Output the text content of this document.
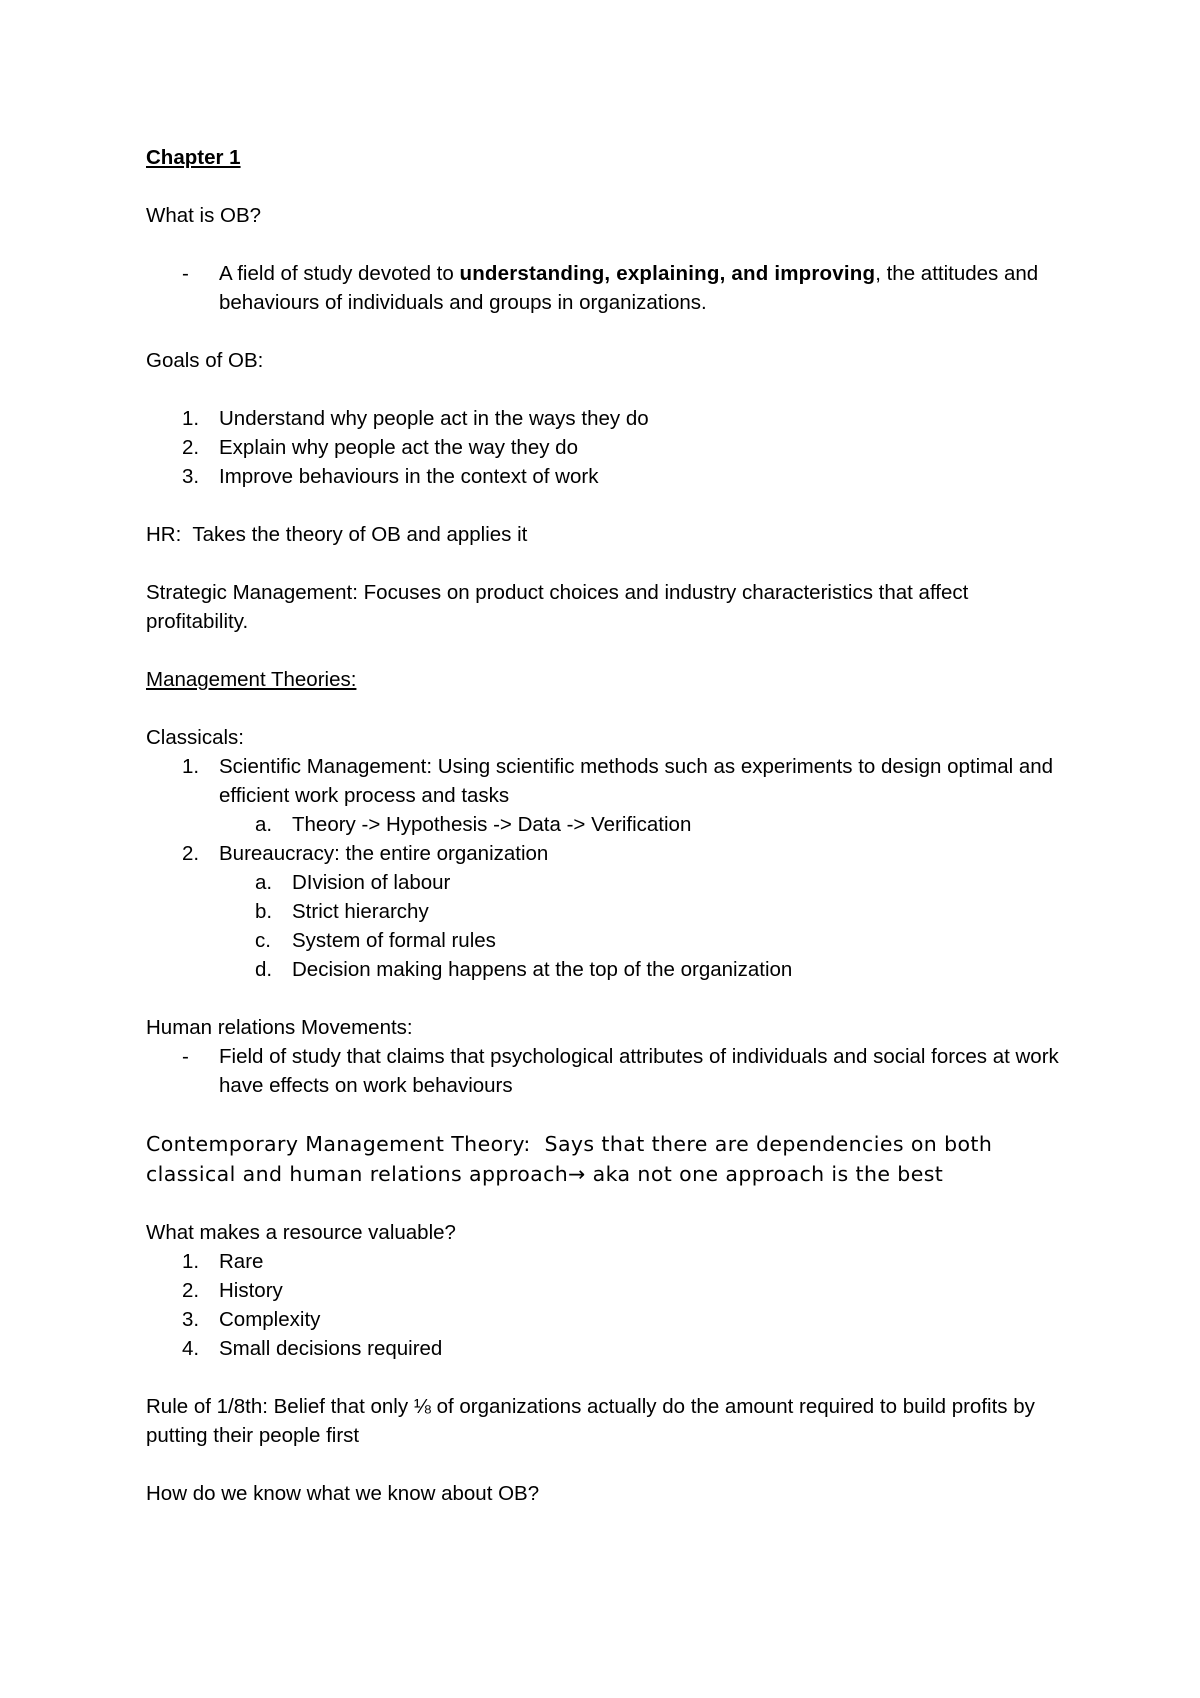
Chapter 1
What is OB?
- A field of study devoted to understanding, explaining, and improving, the attitudes and behaviours of individuals and groups in organizations.
Goals of OB:
1. Understand why people act in the ways they do
2. Explain why people act the way they do
3. Improve behaviours in the context of work
HR:  Takes the theory of OB and applies it
Strategic Management: Focuses on product choices and industry characteristics that affect profitability.
Management Theories:
Classicals:
1. Scientific Management: Using scientific methods such as experiments to design optimal and efficient work process and tasks
a. Theory -> Hypothesis -> Data -> Verification
2. Bureaucracy: the entire organization
a. DIvision of labour
b. Strict hierarchy
c. System of formal rules
d. Decision making happens at the top of the organization
Human relations Movements:
- Field of study that claims that psychological attributes of individuals and social forces at work have effects on work behaviours
Contemporary Management Theory:  Says that there are dependencies on both classical and human relations approach→ aka not one approach is the best
What makes a resource valuable?
1. Rare
2. History
3. Complexity
4. Small decisions required
Rule of 1/8th: Belief that only ⅛ of organizations actually do the amount required to build profits by putting their people first
How do we know what we know about OB?
